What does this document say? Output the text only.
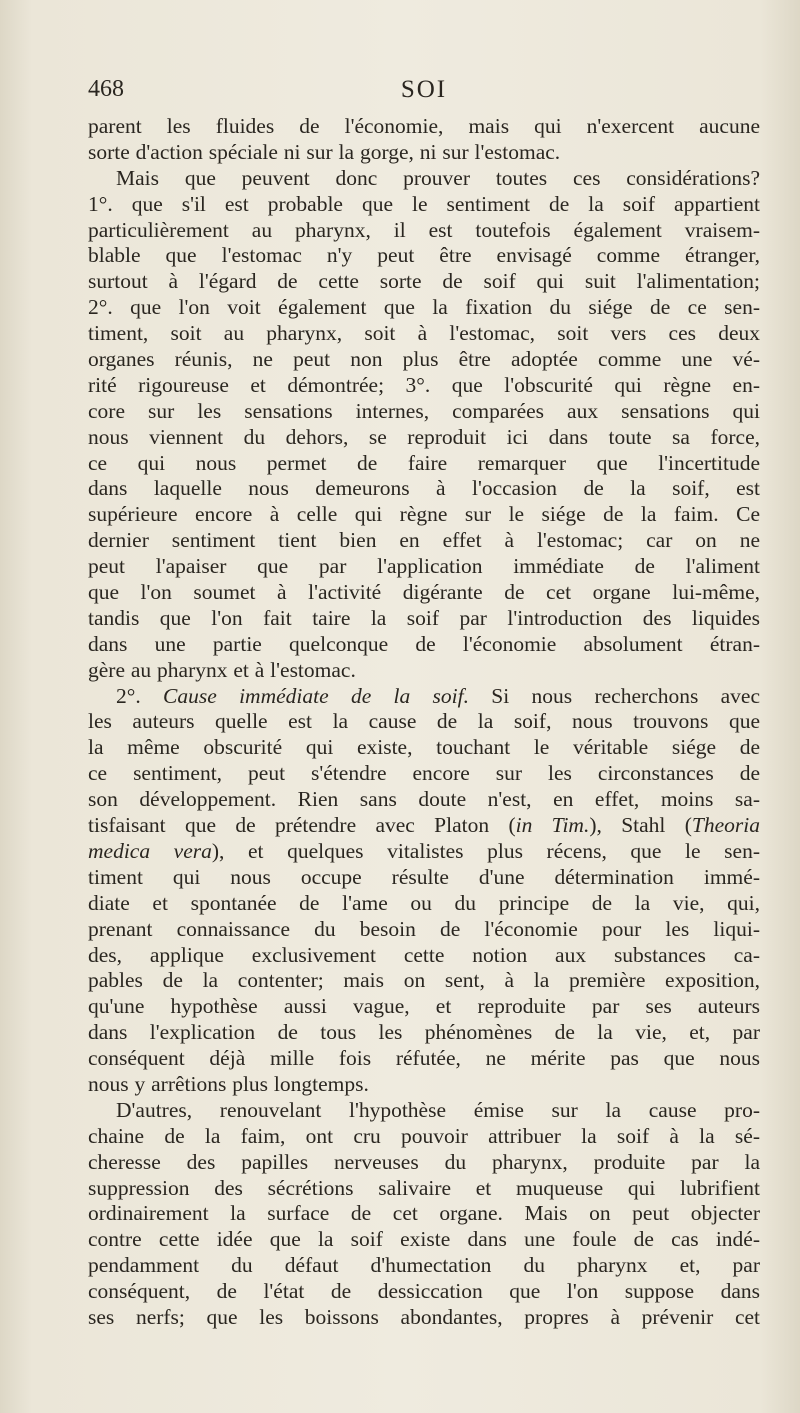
468	SOI
parent les fluides de l'économie, mais qui n'exercent aucune
sorte d'action spéciale ni sur la gorge, ni sur l'estomac.
Mais que peuvent donc prouver toutes ces considérations?
1°. que s'il est probable que le sentiment de la soif appartient
particulièrement au pharynx, il est toutefois également vraisem-
blable que l'estomac n'y peut être envisagé comme étranger,
surtout à l'égard de cette sorte de soif qui suit l'alimentation;
2°. que l'on voit également que la fixation du siége de ce sen-
timent, soit au pharynx, soit à l'estomac, soit vers ces deux
organes réunis, ne peut non plus être adoptée comme une vé-
rité rigoureuse et démontrée; 3°. que l'obscurité qui règne en-
core sur les sensations internes, comparées aux sensations qui
nous viennent du dehors, se reproduit ici dans toute sa force,
ce qui nous permet de faire remarquer que l'incertitude
dans laquelle nous demeurons à l'occasion de la soif, est
supérieure encore à celle qui règne sur le siége de la faim. Ce
dernier sentiment tient bien en effet à l'estomac; car on ne
peut l'apaiser que par l'application immédiate de l'aliment
que l'on soumet à l'activité digérante de cet organe lui-même,
tandis que l'on fait taire la soif par l'introduction des liquides
dans une partie quelconque de l'économie absolument étran-
gère au pharynx et à l'estomac.
2°. Cause immédiate de la soif. Si nous recherchons avec
les auteurs quelle est la cause de la soif, nous trouvons que
la même obscurité qui existe, touchant le véritable siége de
ce sentiment, peut s'étendre encore sur les circonstances de
son développement. Rien sans doute n'est, en effet, moins sa-
tisfaisant que de prétendre avec Platon (in Tim.), Stahl (Theoria
medica vera), et quelques vitalistes plus récens, que le sen-
timent qui nous occupe résulte d'une détermination immé-
diate et spontanée de l'ame ou du principe de la vie, qui,
prenant connaissance du besoin de l'économie pour les liqui-
des, applique exclusivement cette notion aux substances ca-
pables de la contenter; mais on sent, à la première exposition,
qu'une hypothèse aussi vague, et reproduite par ses auteurs
dans l'explication de tous les phénomènes de la vie, et, par
conséquent déjà mille fois réfutée, ne mérite pas que nous
nous y arrêtions plus longtemps.
D'autres, renouvelant l'hypothèse émise sur la cause pro-
chaine de la faim, ont cru pouvoir attribuer la soif à la sé-
cheresse des papilles nerveuses du pharynx, produite par la
suppression des sécrétions salivaire et muqueuse qui lubrifient
ordinairement la surface de cet organe. Mais on peut objecter
contre cette idée que la soif existe dans une foule de cas indé-
pendamment du défaut d'humectation du pharynx et, par
conséquent, de l'état de dessiccation que l'on suppose dans
ses nerfs; que les boissons abondantes, propres à prévenir cet
